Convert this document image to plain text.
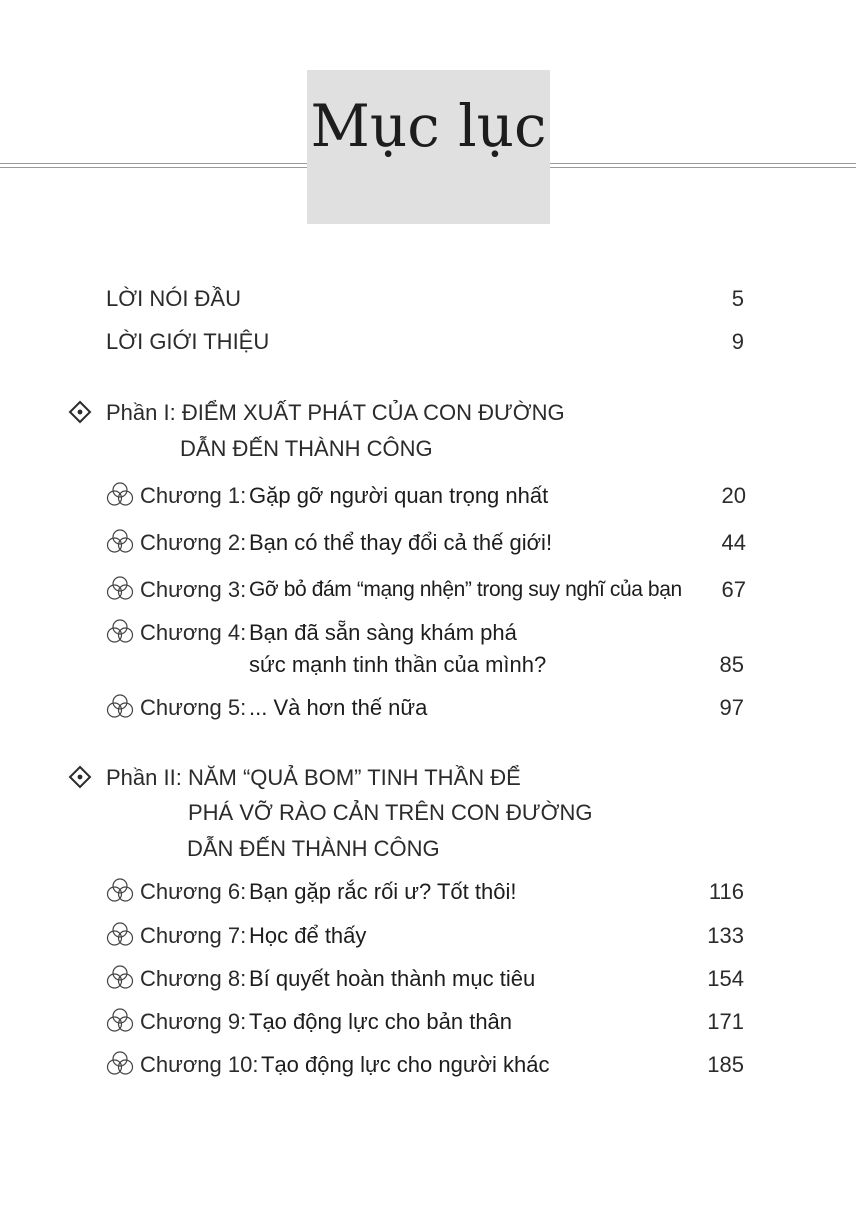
Mục lục
LỜI NÓI ĐẦU	5
LỜI GIỚI THIỆU	9
Phần I: ĐIỂM XUẤT PHÁT CỦA CON ĐƯỜNG
DẪN ĐẾN THÀNH CÔNG
Chương 1: Gặp gỡ người quan trọng nhất	20
Chương 2: Bạn có thể thay đổi cả thế giới!	44
Chương 3: Gỡ bỏ đám “mạng nhện” trong suy nghĩ của bạn	67
Chương 4: Bạn đã sẵn sàng khám phá
sức mạnh tinh thần của mình?	85
Chương 5: ... Và hơn thế nữa	97
Phần II: NĂM “QUẢ BOM” TINH THẦN ĐỂ
PHÁ VỠ RÀO CẢN TRÊN CON ĐƯỜNG
DẪN ĐẾN THÀNH CÔNG
Chương 6: Bạn gặp rắc rối ư? Tốt thôi!	116
Chương 7: Học để thấy	133
Chương 8: Bí quyết hoàn thành mục tiêu	154
Chương 9: Tạo động lực cho bản thân	171
Chương 10: Tạo động lực cho người khác	185
